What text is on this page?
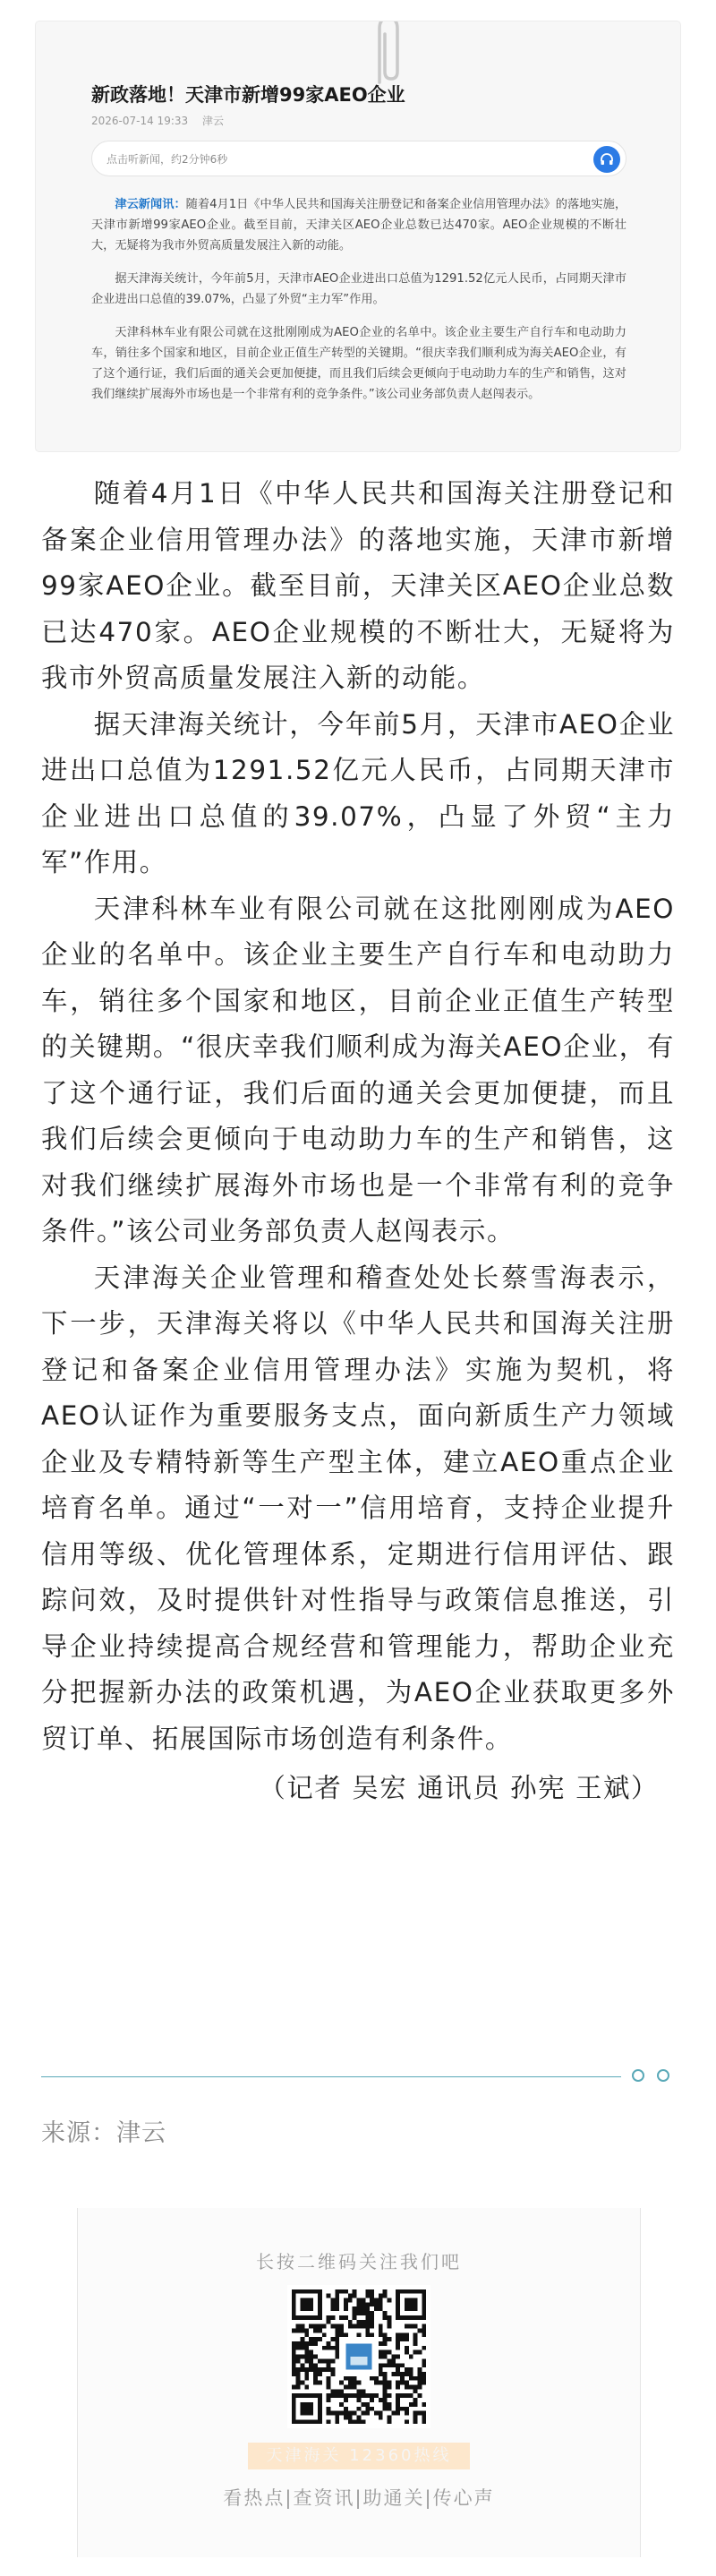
新政落地！天津市新增99家AEO企业
2026-07-14 19:33 津云
点击听新闻，约2分钟6秒

津云新闻讯：随着4月1日《中华人民共和国海关注册登记和备案企业信用管理办法》的落地实施，天津市新增99家AEO企业。截至目前，天津关区AEO企业总数已达470家。AEO企业规模的不断壮大，无疑将为我市外贸高质量发展注入新的动能。

据天津海关统计，今年前5月，天津市AEO企业进出口总值为1291.52亿元人民币，占同期天津市企业进出口总值的39.07%，凸显了外贸“主力军”作用。

天津科林车业有限公司就在这批刚刚成为AEO企业的名单中。该企业主要生产自行车和电动助力车，销往多个国家和地区，目前企业正值生产转型的关键期。“很庆幸我们顺利成为海关AEO企业，有了这个通行证，我们后面的通关会更加便捷，而且我们后续会更倾向于电动助力车的生产和销售，这对我们继续扩展海外市场也是一个非常有利的竞争条件。”该公司业务部负责人赵闯表示。

随着4月1日《中华人民共和国海关注册登记和备案企业信用管理办法》的落地实施，天津市新增99家AEO企业。截至目前，天津关区AEO企业总数已达470家。AEO企业规模的不断壮大，无疑将为我市外贸高质量发展注入新的动能。

据天津海关统计，今年前5月，天津市AEO企业进出口总值为1291.52亿元人民币，占同期天津市企业进出口总值的39.07%，凸显了外贸“主力军”作用。

天津科林车业有限公司就在这批刚刚成为AEO企业的名单中。该企业主要生产自行车和电动助力车，销往多个国家和地区，目前企业正值生产转型的关键期。“很庆幸我们顺利成为海关AEO企业，有了这个通行证，我们后面的通关会更加便捷，而且我们后续会更倾向于电动助力车的生产和销售，这对我们继续扩展海外市场也是一个非常有利的竞争条件。”该公司业务部负责人赵闯表示。

天津海关企业管理和稽查处处长蔡雪海表示，下一步，天津海关将以《中华人民共和国海关注册登记和备案企业信用管理办法》实施为契机，将AEO认证作为重要服务支点，面向新质生产力领域企业及专精特新等生产型主体，建立AEO重点企业培育名单。通过“一对一”信用培育，支持企业提升信用等级、优化管理体系，定期进行信用评估、跟踪问效，及时提供针对性指导与政策信息推送，引导企业持续提高合规经营和管理能力，帮助企业充分把握新办法的政策机遇，为AEO企业获取更多外贸订单、拓展国际市场创造有利条件。

（记者 吴宏 通讯员 孙宪 王斌）
来源：津云
长按二维码关注我们吧
天津海关 12360热线
看热点|查资讯|助通关|传心声
